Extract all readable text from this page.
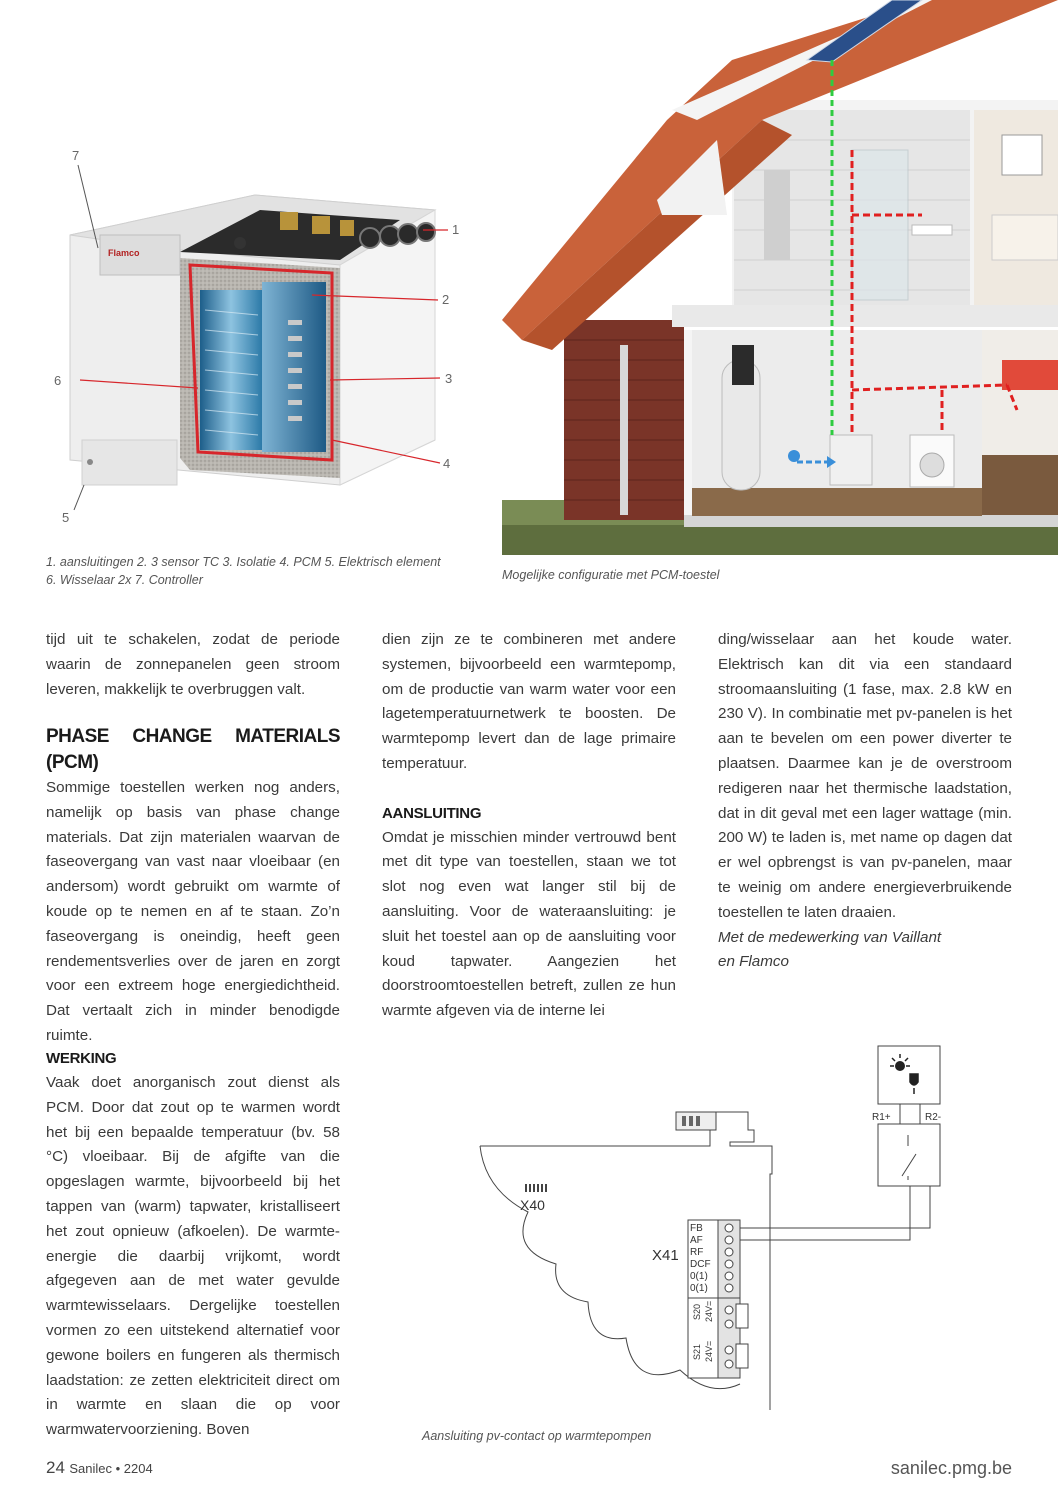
Flamco
1
2
3
4
5
6
7
1. aansluitingen 2. 3 sensor TC 3. Isolatie 4. PCM 5. Elektrisch element
6. Wisselaar 2x 7. Controller	Mogelijke configuratie met PCM-toestel

tijd uit te schakelen, zodat de periode waarin de zonnepanelen geen stroom leveren, makkelijk te overbruggen valt.

PHASE CHANGE MATERIALS (PCM)

Sommige toestellen werken nog anders, namelijk op basis van phase change materials. Dat zijn materialen waarvan de faseovergang van vast naar vloeibaar (en andersom) wordt gebruikt om warmte of koude op te nemen en af te staan. Zo’n faseovergang is oneindig, heeft geen rendementsverlies over de jaren en zorgt voor een extreem hoge energiedichtheid. Dat vertaalt zich in minder benodigde ruimte.

WERKING

Vaak doet anorganisch zout dienst als PCM. Door dat zout op te warmen wordt het bij een bepaalde temperatuur (bv. 58 °C) vloeibaar. Bij de afgifte van die opgeslagen warmte, bijvoorbeeld bij het tappen van (warm) tapwater, kristalliseert het zout opnieuw (afkoelen). De warmte-energie die daarbij vrijkomt, wordt afgegeven aan de met water gevulde warmtewisselaars. Dergelijke toestellen vormen zo een uitstekend alternatief voor gewone boilers en fungeren als thermisch laadstation: ze zetten elektriciteit direct om in warmte en slaan die op voor warmwatervoorziening. Boven

dien zijn ze te combineren met andere systemen, bijvoorbeeld een warmtepomp, om de productie van warm water voor een lagetemperatuurnetwerk te boosten. De warmtepomp levert dan de lage primaire temperatuur.

AANSLUITING

Omdat je misschien minder vertrouwd bent met dit type van toestellen, staan we tot slot nog even wat langer stil bij de aansluiting. Voor de wateraansluiting: je sluit het toestel aan op de aansluiting voor koud tapwater. Aangezien het doorstroomtoestellen betreft, zullen ze hun warmte afgeven via de interne lei

ding/wisselaar aan het koude water. Elektrisch kan dit via een standaard stroomaansluiting (1 fase, max. 2.8 kW en 230 V). In combinatie met pv-panelen is het aan te bevelen om een power diverter te plaatsen. Daarmee kan je de overstroom redigeren naar het thermische laadstation, dat in dit geval met een lager wattage (min. 200 W) te laden is, met name op dagen dat er wel opbrengst is van pv-panelen, maar te weinig om andere energieverbruikende toestellen te laten draaien.

Met de medewerking van Vaillant
en Flamco

X40
X41
FB
AF
RF
DCF
0(1)
0(1)
S20 24V=
S21 24V=
R1+	R2-
Aansluiting pv-contact op warmtepompen
24 Sanilec • 2204	sanilec.pmg.be
